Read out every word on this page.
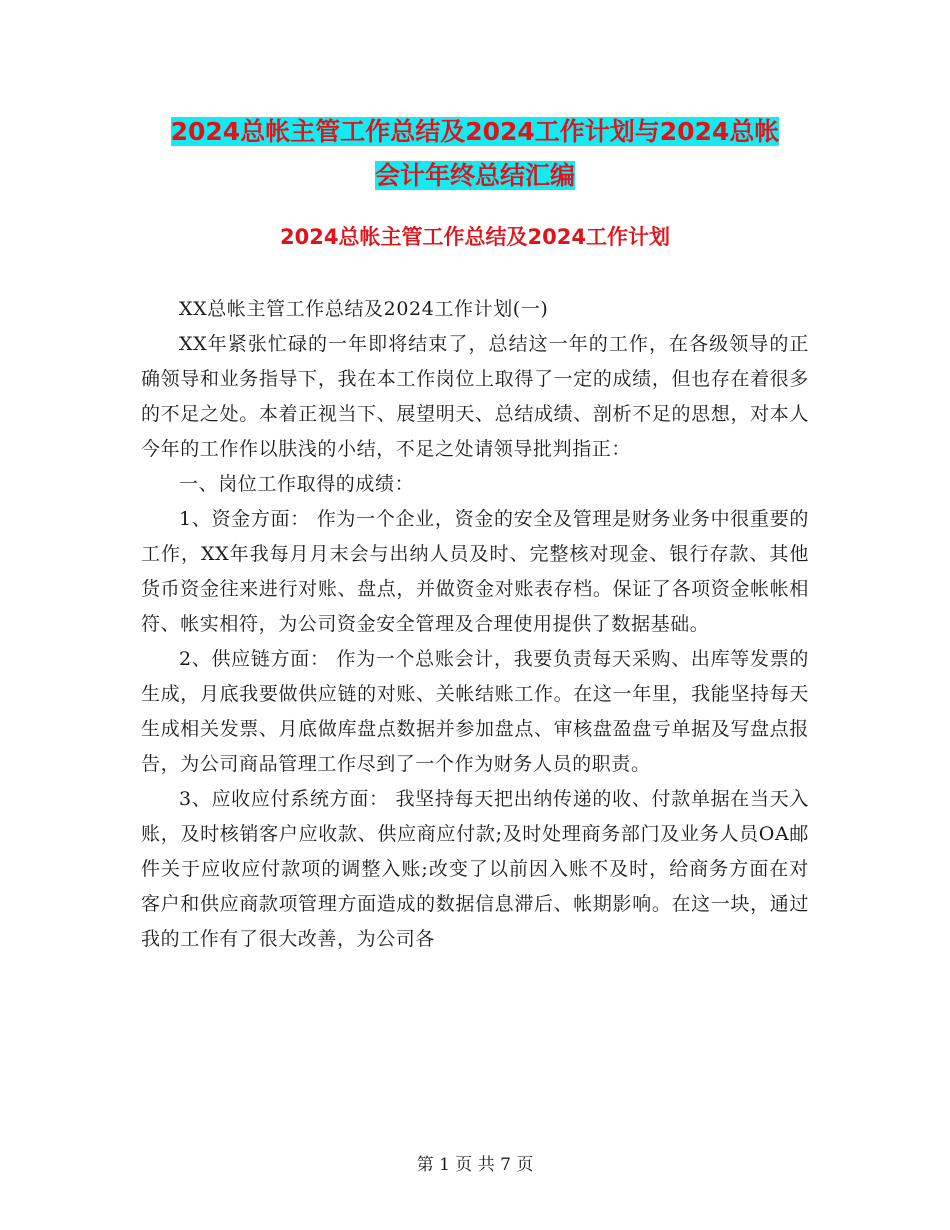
2024总帐主管工作总结及2024工作计划与2024总帐
会计年终总结汇编
2024总帐主管工作总结及2024工作计划

XX总帐主管工作总结及2024工作计划(一)

XX年紧张忙碌的一年即将结束了，总结这一年的工作，在各级领导的正确领导和业务指导下，我在本工作岗位上取得了一定的成绩，但也存在着很多的不足之处。本着正视当下、展望明天、总结成绩、剖析不足的思想，对本人今年的工作作以肤浅的小结，不足之处请领导批判指正：

一、岗位工作取得的成绩：

1、资金方面： 作为一个企业，资金的安全及管理是财务业务中很重要的工作，XX年我每月月末会与出纳人员及时、完整核对现金、银行存款、其他货币资金往来进行对账、盘点，并做资金对账表存档。保证了各项资金帐帐相符、帐实相符，为公司资金安全管理及合理使用提供了数据基础。

2、供应链方面： 作为一个总账会计，我要负责每天采购、出库等发票的生成，月底我要做供应链的对账、关帐结账工作。在这一年里，我能坚持每天生成相关发票、月底做库盘点数据并参加盘点、审核盘盈盘亏单据及写盘点报告，为公司商品管理工作尽到了一个作为财务人员的职责。

3、应收应付系统方面： 我坚持每天把出纳传递的收、付款单据在当天入账，及时核销客户应收款、供应商应付款;及时处理商务部门及业务人员OA邮件关于应收应付款项的调整入账;改变了以前因入账不及时，给商务方面在对客户和供应商款项管理方面造成的数据信息滞后、帐期影响。在这一块，通过我的工作有了很大改善，为公司各

第 1 页 共 7 页
